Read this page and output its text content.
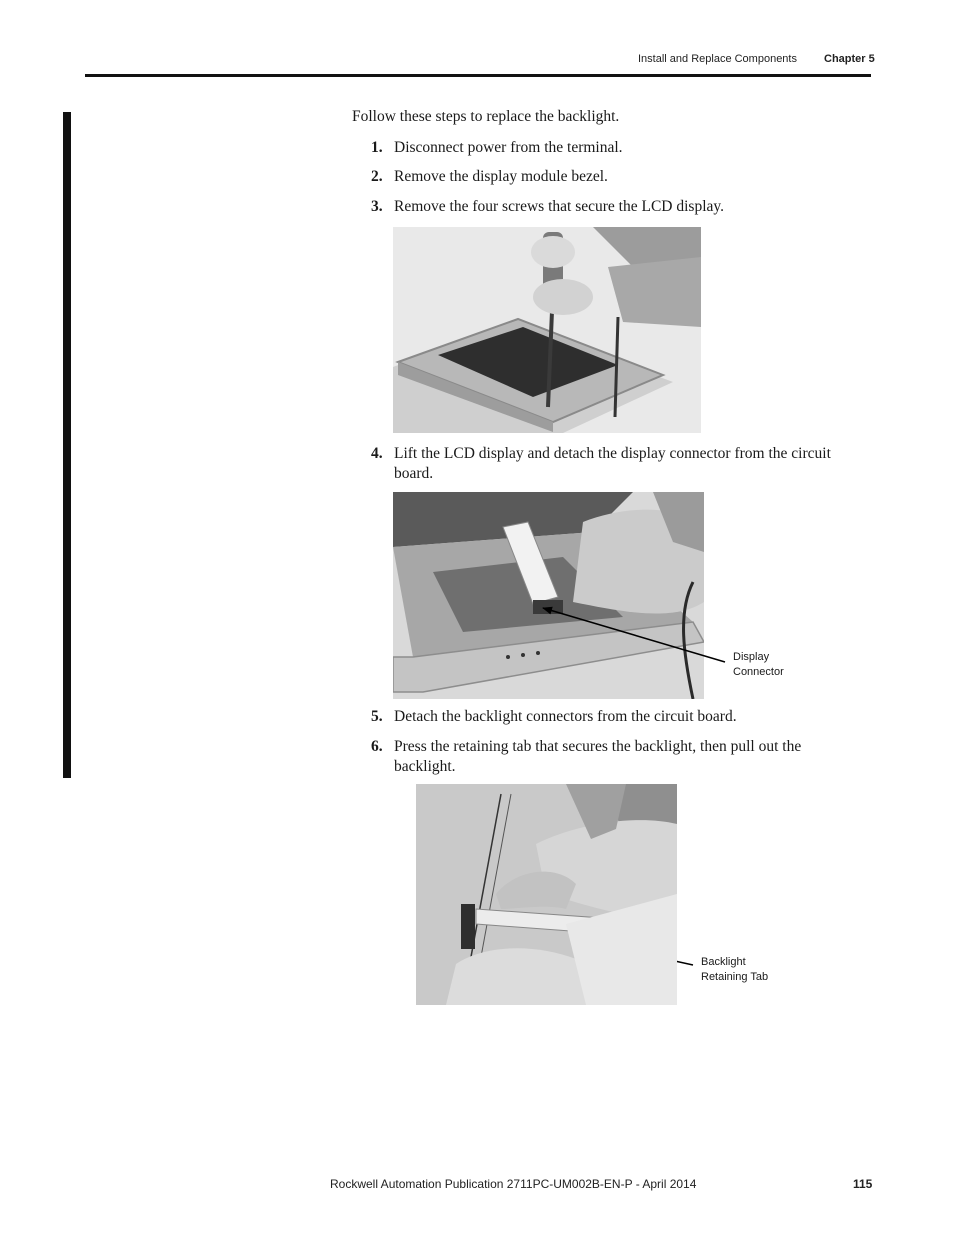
Install and Replace Components Chapter 5
Follow these steps to replace the backlight.
1. Disconnect power from the terminal.
2. Remove the display module bezel.
3. Remove the four screws that secure the LCD display.
4. Lift the LCD display and detach the display connector from the circuit board.
Display
Connector
5. Detach the backlight connectors from the circuit board.
6. Press the retaining tab that secures the backlight, then pull out the backlight.
Backlight
Retaining Tab
Rockwell Automation Publication 2711PC-UM002B-EN-P - April 2014	115
